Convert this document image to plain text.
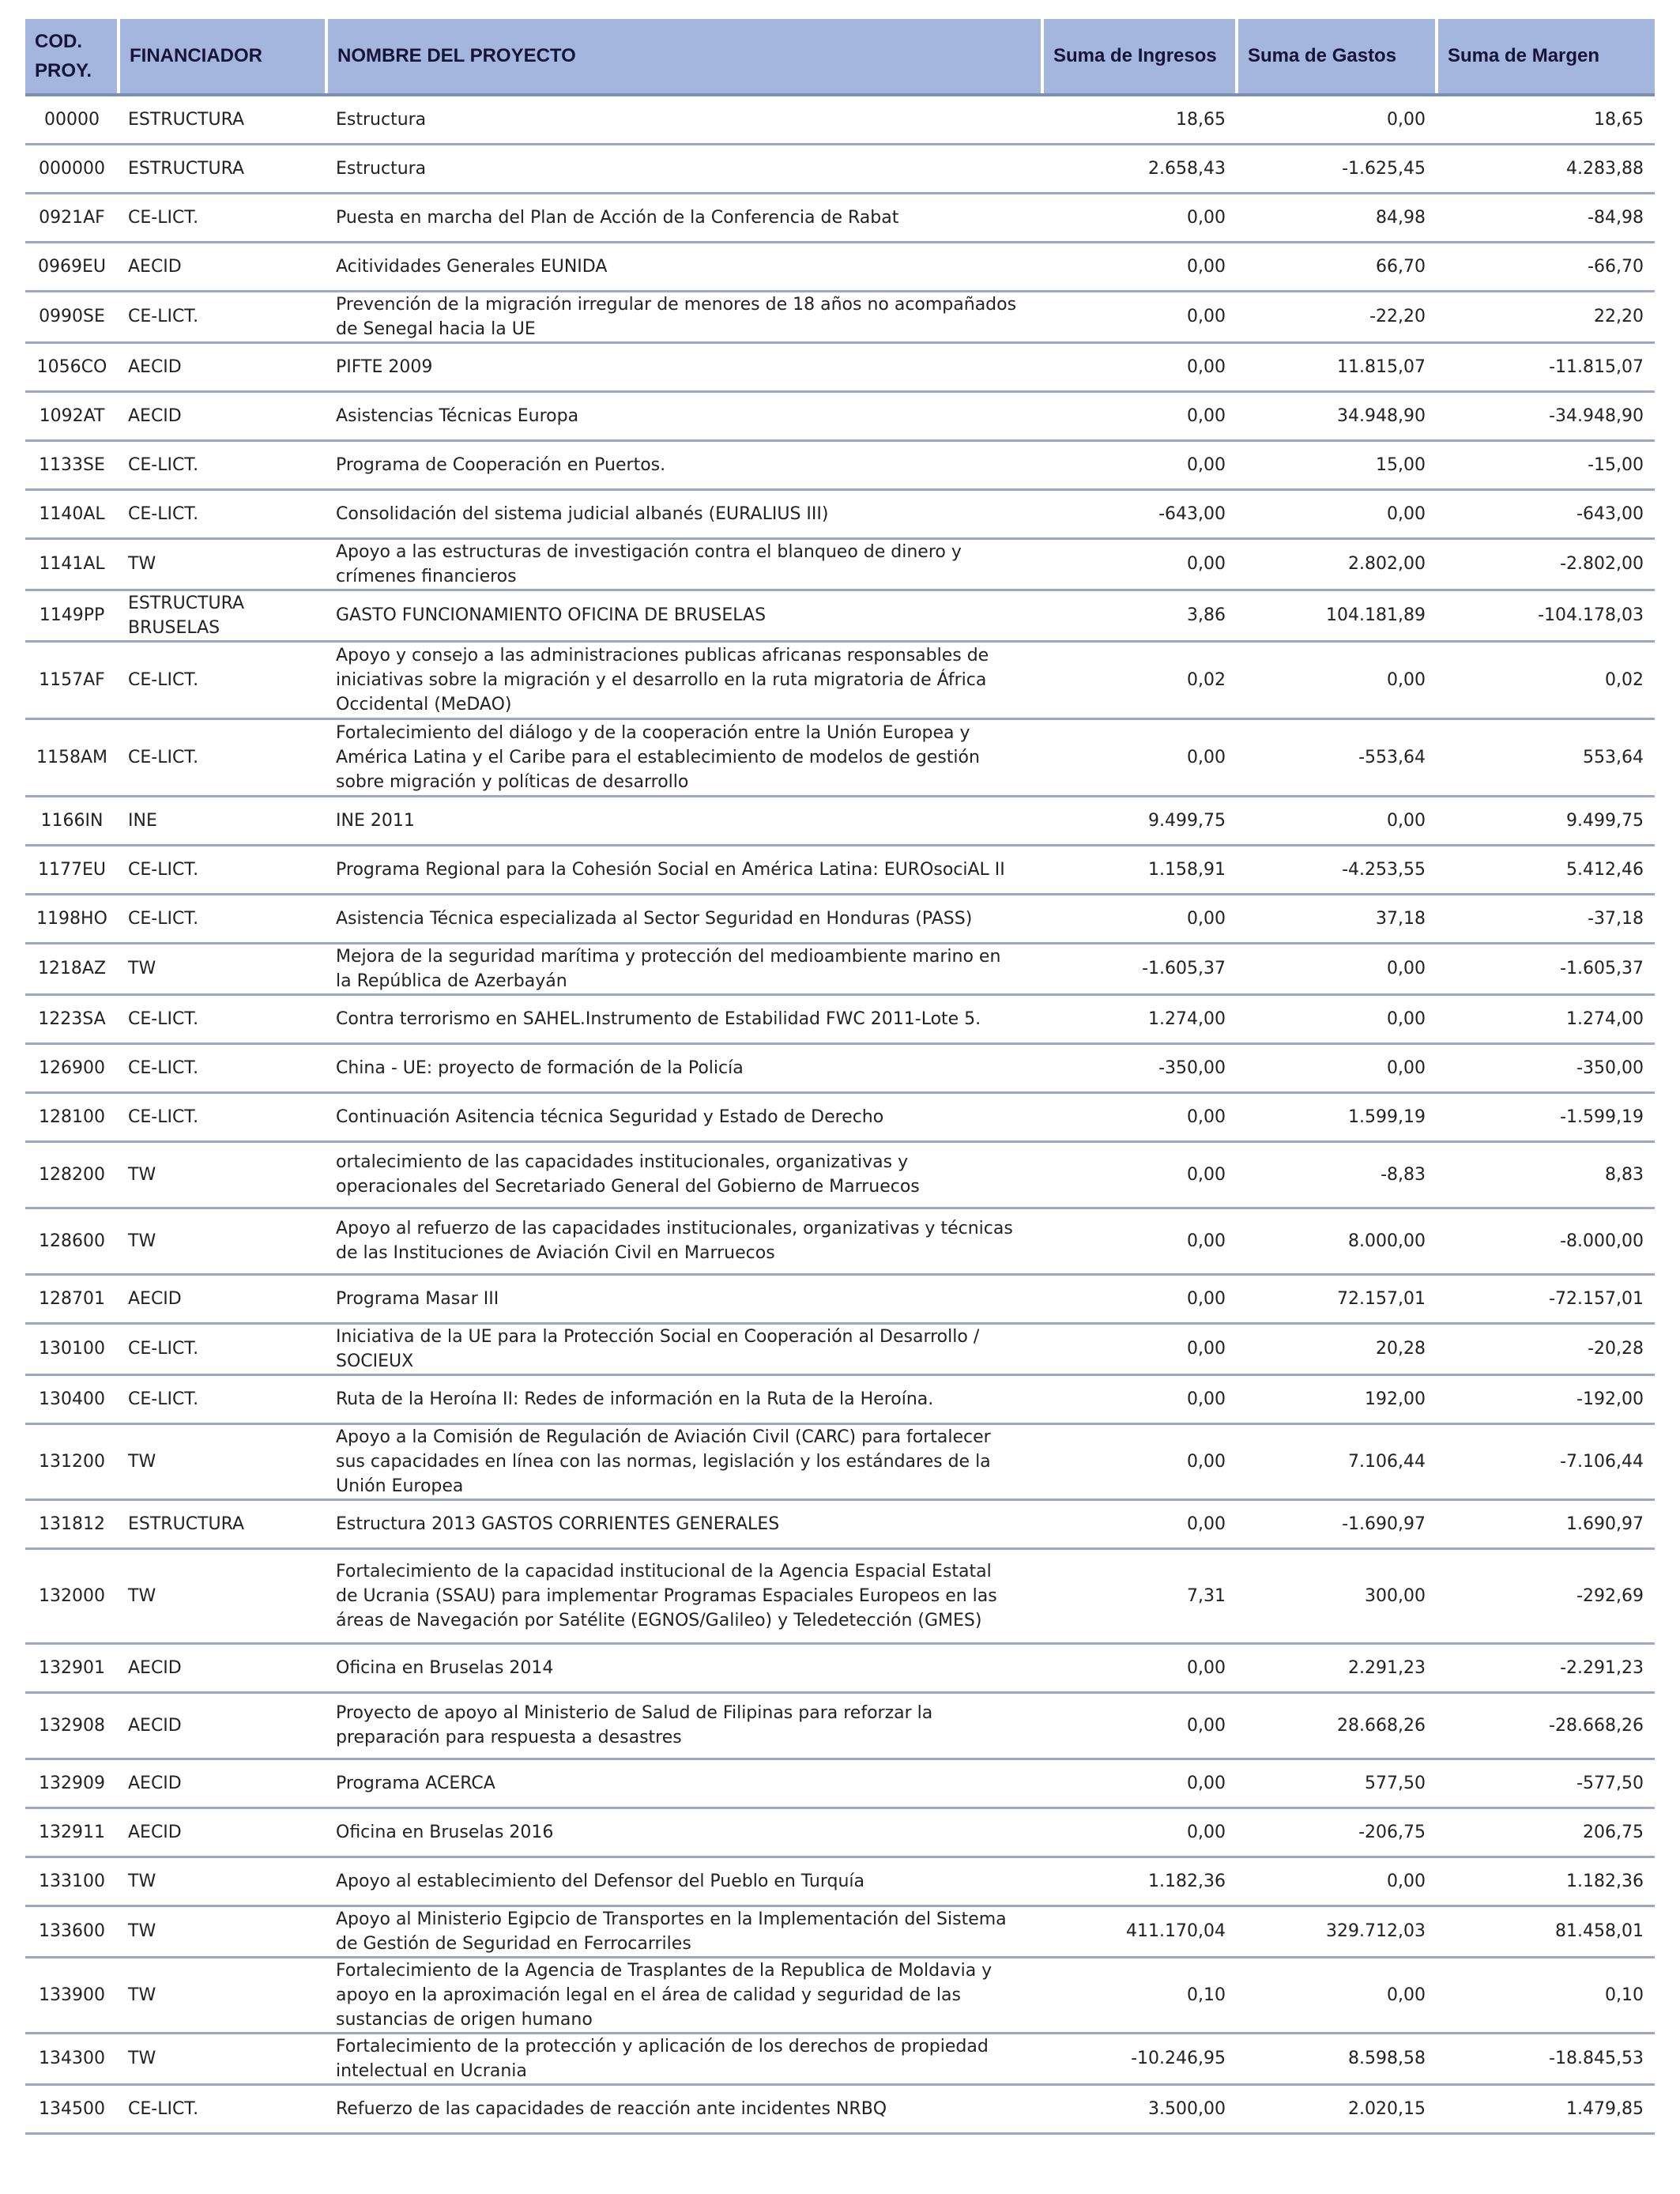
COD.
PROY.	FINANCIADOR	NOMBRE DEL PROYECTO	Suma de Ingresos	Suma de Gastos	Suma de Margen
00000	ESTRUCTURA	Estructura	18,65	0,00	18,65
000000	ESTRUCTURA	Estructura	2.658,43	-1.625,45	4.283,88
0921AF	CE-LICT.	Puesta en marcha del Plan de Acción de la Conferencia de Rabat	0,00	84,98	-84,98
0969EU	AECID	Acitividades Generales EUNIDA	0,00	66,70	-66,70
0990SE	CE-LICT.	Prevención de la migración irregular de menores de 18 años no acompañados de Senegal hacia la UE	0,00	-22,20	22,20
1056CO	AECID	PIFTE 2009	0,00	11.815,07	-11.815,07
1092AT	AECID	Asistencias Técnicas Europa	0,00	34.948,90	-34.948,90
1133SE	CE-LICT.	Programa de Cooperación en Puertos.	0,00	15,00	-15,00
1140AL	CE-LICT.	Consolidación del sistema judicial albanés (EURALIUS III)	-643,00	0,00	-643,00
1141AL	TW	Apoyo a las estructuras de investigación contra el blanqueo de dinero y crímenes financieros	0,00	2.802,00	-2.802,00
1149PP	ESTRUCTURA BRUSELAS	GASTO FUNCIONAMIENTO OFICINA DE BRUSELAS	3,86	104.181,89	-104.178,03
1157AF	CE-LICT.	Apoyo y consejo a las administraciones publicas africanas responsables de iniciativas sobre la migración y el desarrollo en la ruta migratoria de África Occidental (MeDAO)	0,02	0,00	0,02
1158AM	CE-LICT.	Fortalecimiento del diálogo y de la cooperación entre la Unión Europea y América Latina y el Caribe para el establecimiento de modelos de gestión sobre migración y políticas de desarrollo	0,00	-553,64	553,64
1166IN	INE	INE 2011	9.499,75	0,00	9.499,75
1177EU	CE-LICT.	Programa Regional para la Cohesión Social en América Latina: EUROsociAL II	1.158,91	-4.253,55	5.412,46
1198HO	CE-LICT.	Asistencia Técnica especializada al Sector Seguridad en Honduras (PASS)	0,00	37,18	-37,18
1218AZ	TW	Mejora de la seguridad marítima y protección del medioambiente marino en la República de Azerbayán	-1.605,37	0,00	-1.605,37
1223SA	CE-LICT.	Contra terrorismo en SAHEL.Instrumento de Estabilidad FWC 2011-Lote 5.	1.274,00	0,00	1.274,00
126900	CE-LICT.	China - UE: proyecto de formación de la Policía	-350,00	0,00	-350,00
128100	CE-LICT.	Continuación Asitencia técnica Seguridad y Estado de Derecho	0,00	1.599,19	-1.599,19
128200	TW	ortalecimiento de las capacidades institucionales, organizativas y operacionales del Secretariado General del Gobierno de Marruecos	0,00	-8,83	8,83
128600	TW	Apoyo al refuerzo de las capacidades institucionales, organizativas y técnicas de las Instituciones de Aviación Civil en Marruecos	0,00	8.000,00	-8.000,00
128701	AECID	Programa Masar III	0,00	72.157,01	-72.157,01
130100	CE-LICT.	Iniciativa de la UE para la Protección Social en Cooperación al Desarrollo / SOCIEUX	0,00	20,28	-20,28
130400	CE-LICT.	Ruta de la Heroína II: Redes de información en la Ruta de la Heroína.	0,00	192,00	-192,00
131200	TW	Apoyo a la Comisión de Regulación de Aviación Civil (CARC) para fortalecer sus capacidades en línea con las normas, legislación y los estándares de la Unión Europea	0,00	7.106,44	-7.106,44
131812	ESTRUCTURA	Estructura 2013 GASTOS CORRIENTES GENERALES	0,00	-1.690,97	1.690,97
132000	TW	Fortalecimiento de la capacidad institucional de la Agencia Espacial Estatal de Ucrania (SSAU) para implementar Programas Espaciales Europeos en las áreas de Navegación por Satélite (EGNOS/Galileo) y Teledetección (GMES)	7,31	300,00	-292,69
132901	AECID	Oficina en Bruselas 2014	0,00	2.291,23	-2.291,23
132908	AECID	Proyecto de apoyo al Ministerio de Salud de Filipinas para reforzar la preparación para respuesta a desastres	0,00	28.668,26	-28.668,26
132909	AECID	Programa ACERCA	0,00	577,50	-577,50
132911	AECID	Oficina en Bruselas 2016	0,00	-206,75	206,75
133100	TW	Apoyo al establecimiento del Defensor del Pueblo en Turquía	1.182,36	0,00	1.182,36
133600	TW	Apoyo al Ministerio Egipcio de Transportes en la Implementación del Sistema de Gestión de Seguridad en Ferrocarriles	411.170,04	329.712,03	81.458,01
133900	TW	Fortalecimiento de la Agencia de Trasplantes de la Republica de Moldavia y apoyo en la aproximación legal en el área de calidad y seguridad de las sustancias de origen humano	0,10	0,00	0,10
134300	TW	Fortalecimiento de la protección y aplicación de los derechos de propiedad intelectual en Ucrania	-10.246,95	8.598,58	-18.845,53
134500	CE-LICT.	Refuerzo de las capacidades de reacción ante incidentes NRBQ	3.500,00	2.020,15	1.479,85
